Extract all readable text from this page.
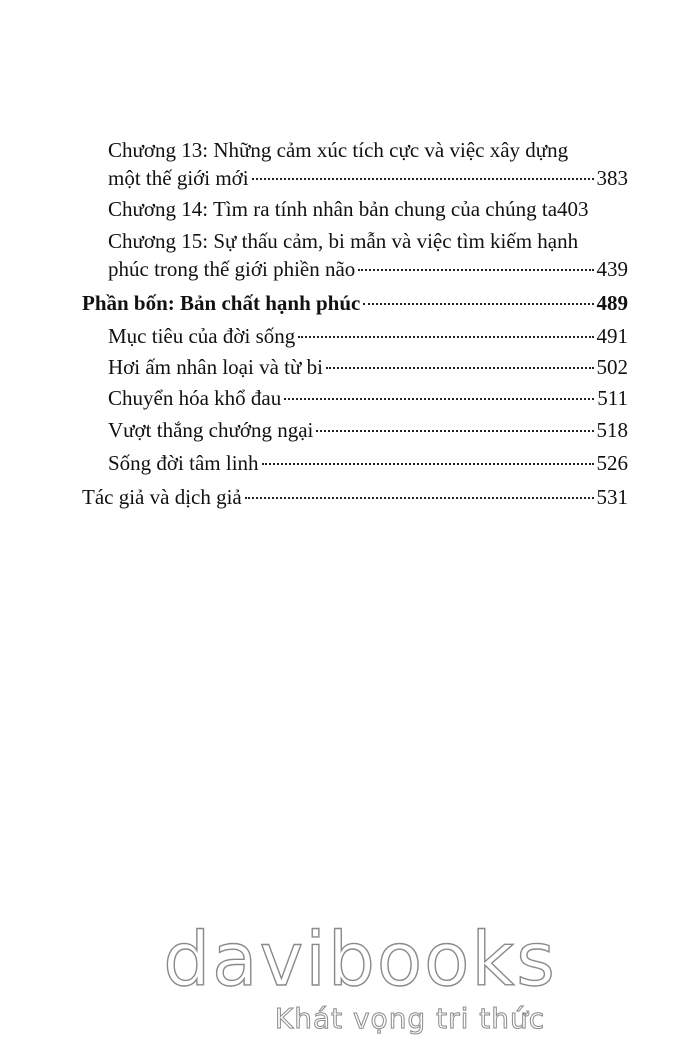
Chương 13: Những cảm xúc tích cực và việc xây dựng
một thế giới mới	383
Chương 14: Tìm ra tính nhân bản chung của chúng ta 403
Chương 15: Sự thấu cảm, bi mẫn và việc tìm kiếm hạnh
phúc trong thế giới phiền não	439
Phần bốn: Bản chất hạnh phúc	489
Mục tiêu của đời sống	491
Hơi ấm nhân loại và từ bi	502
Chuyển hóa khổ đau	511
Vượt thắng chướng ngại	518
Sống đời tâm linh	526
Tác giả và dịch giả	531
davibooks
Khát vọng tri thức
